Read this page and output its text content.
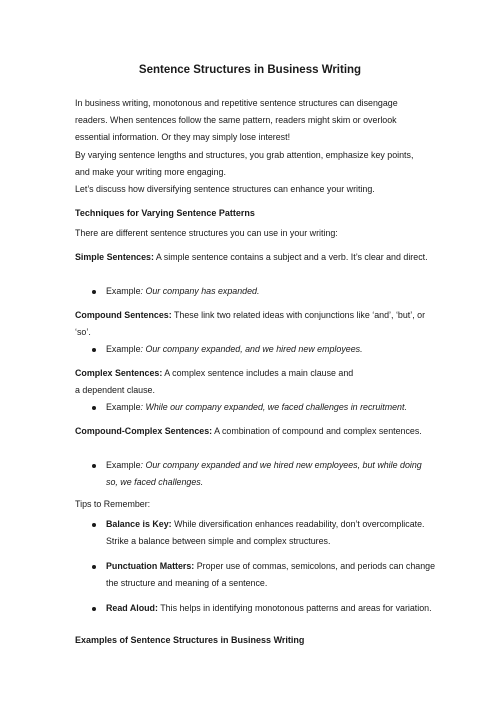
Sentence Structures in Business Writing

In business writing, monotonous and repetitive sentence structures can disengage readers. When sentences follow the same pattern, readers might skim or overlook essential information. Or they may simply lose interest!

By varying sentence lengths and structures, you grab attention, emphasize key points, and make your writing more engaging.

Let’s discuss how diversifying sentence structures can enhance your writing.

Techniques for Varying Sentence Patterns

There are different sentence structures you can use in your writing:

Simple Sentences: A simple sentence contains a subject and a verb. It’s clear and direct.

Example: Our company has expanded.

Compound Sentences: These link two related ideas with conjunctions like ‘and’, ‘but’, or ‘so’.

Example: Our company expanded, and we hired new employees.

Complex Sentences: A complex sentence includes a main clause and
a dependent clause.

Example: While our company expanded, we faced challenges in recruitment.

Compound-Complex Sentences: A combination of compound and complex sentences.

Example: Our company expanded and we hired new employees, but while doing so, we faced challenges.
Tips to Remember:
Balance is Key: While diversification enhances readability, don’t overcomplicate. Strike a balance between simple and complex structures.
Punctuation Matters: Proper use of commas, semicolons, and periods can change the structure and meaning of a sentence.
Read Aloud: This helps in identifying monotonous patterns and areas for variation.
Examples of Sentence Structures in Business Writing
